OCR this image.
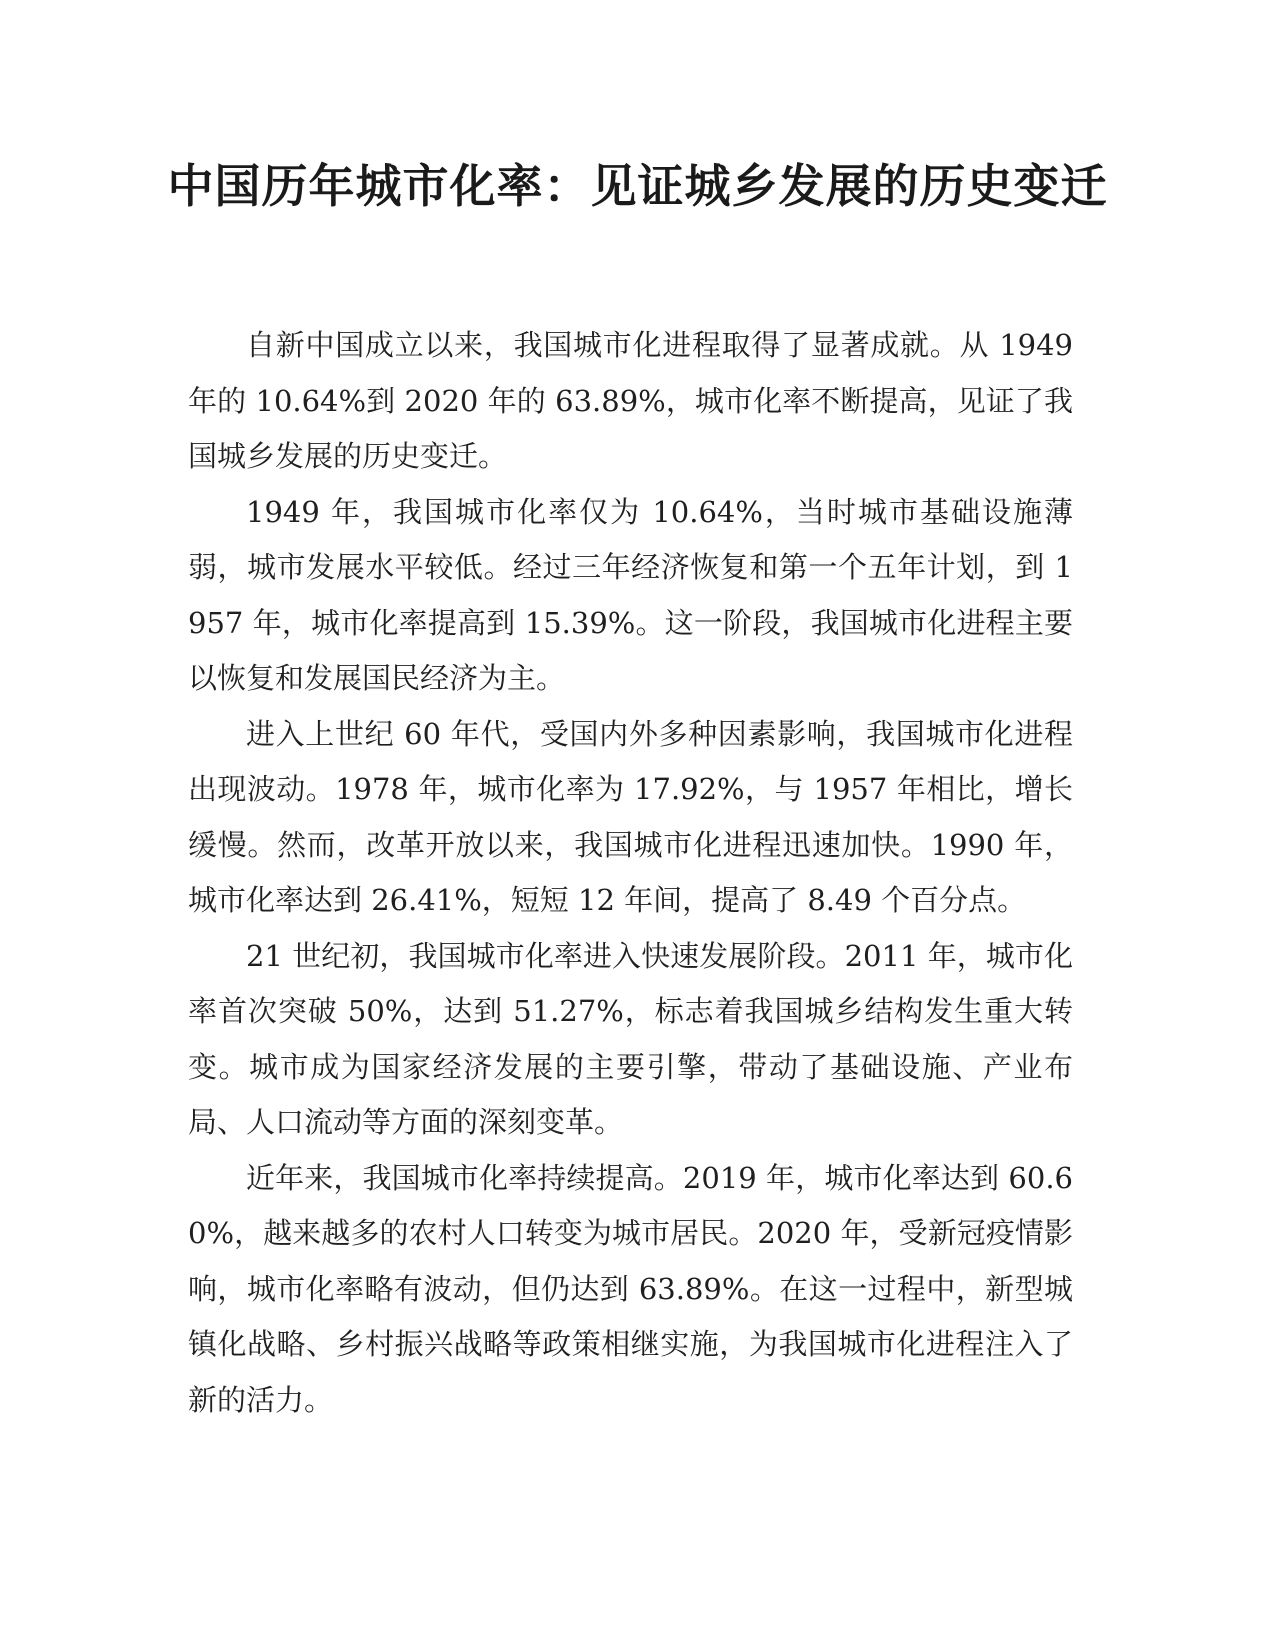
中国历年城市化率：见证城乡发展的历史变迁

自新中国成立以来，我国城市化进程取得了显著成就。从 1949 年的 10.64%到 2020 年的 63.89%，城市化率不断提高，见证了我国城乡发展的历史变迁。

1949 年，我国城市化率仅为 10.64%，当时城市基础设施薄弱，城市发展水平较低。经过三年经济恢复和第一个五年计划，到 1957 年，城市化率提高到 15.39%。这一阶段，我国城市化进程主要以恢复和发展国民经济为主。

进入上世纪 60 年代，受国内外多种因素影响，我国城市化进程出现波动。1978 年，城市化率为 17.92%，与 1957 年相比，增长缓慢。然而，改革开放以来，我国城市化进程迅速加快。1990 年，城市化率达到 26.41%，短短 12 年间，提高了 8.49 个百分点。

21 世纪初，我国城市化率进入快速发展阶段。2011 年，城市化率首次突破 50%，达到 51.27%，标志着我国城乡结构发生重大转变。城市成为国家经济发展的主要引擎，带动了基础设施、产业布局、人口流动等方面的深刻变革。

近年来，我国城市化率持续提高。2019 年，城市化率达到 60.60%，越来越多的农村人口转变为城市居民。2020 年，受新冠疫情影响，城市化率略有波动，但仍达到 63.89%。在这一过程中，新型城镇化战略、乡村振兴战略等政策相继实施，为我国城市化进程注入了新的活力。
